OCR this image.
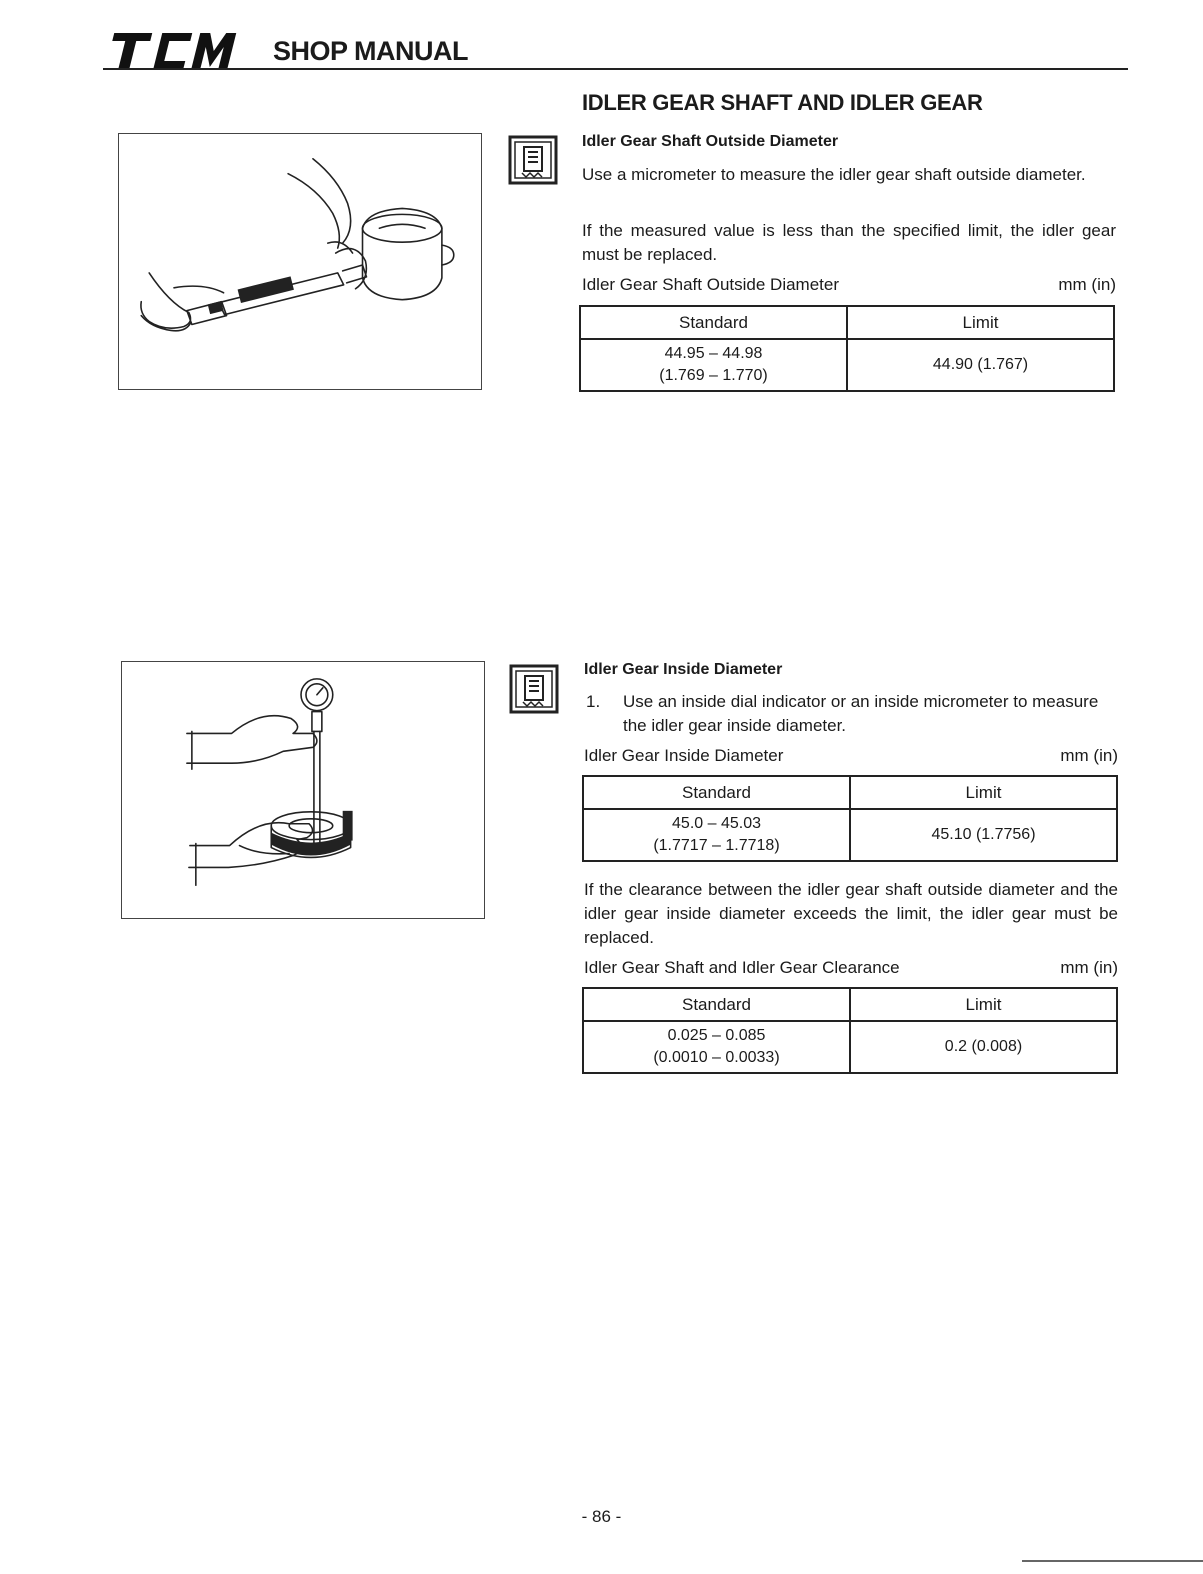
SHOP MANUAL
IDLER GEAR SHAFT AND IDLER GEAR
Idler Gear Shaft Outside Diameter
Use a micrometer to measure the idler gear shaft outside diameter.
If the measured value is less than the specified limit, the idler gear must be replaced.
Idler Gear Shaft Outside Diameter	mm (in)
Standard	Limit

44.95 – 44.98
(1.769 – 1.770)	44.90 (1.767)
Idler Gear Inside Diameter
1. Use an inside dial indicator or an inside micrometer to measure the idler gear inside diameter.
Idler Gear Inside Diameter	mm (in)
Standard	Limit

45.0 – 45.03
(1.7717 – 1.7718)	45.10 (1.7756)
If the clearance between the idler gear shaft outside diameter and the idler gear inside diameter exceeds the limit, the idler gear must be replaced.
Idler Gear Shaft and Idler Gear Clearance	mm (in)
Standard	Limit

0.025 – 0.085
(0.0010 – 0.0033)	0.2 (0.008)
- 86 -
